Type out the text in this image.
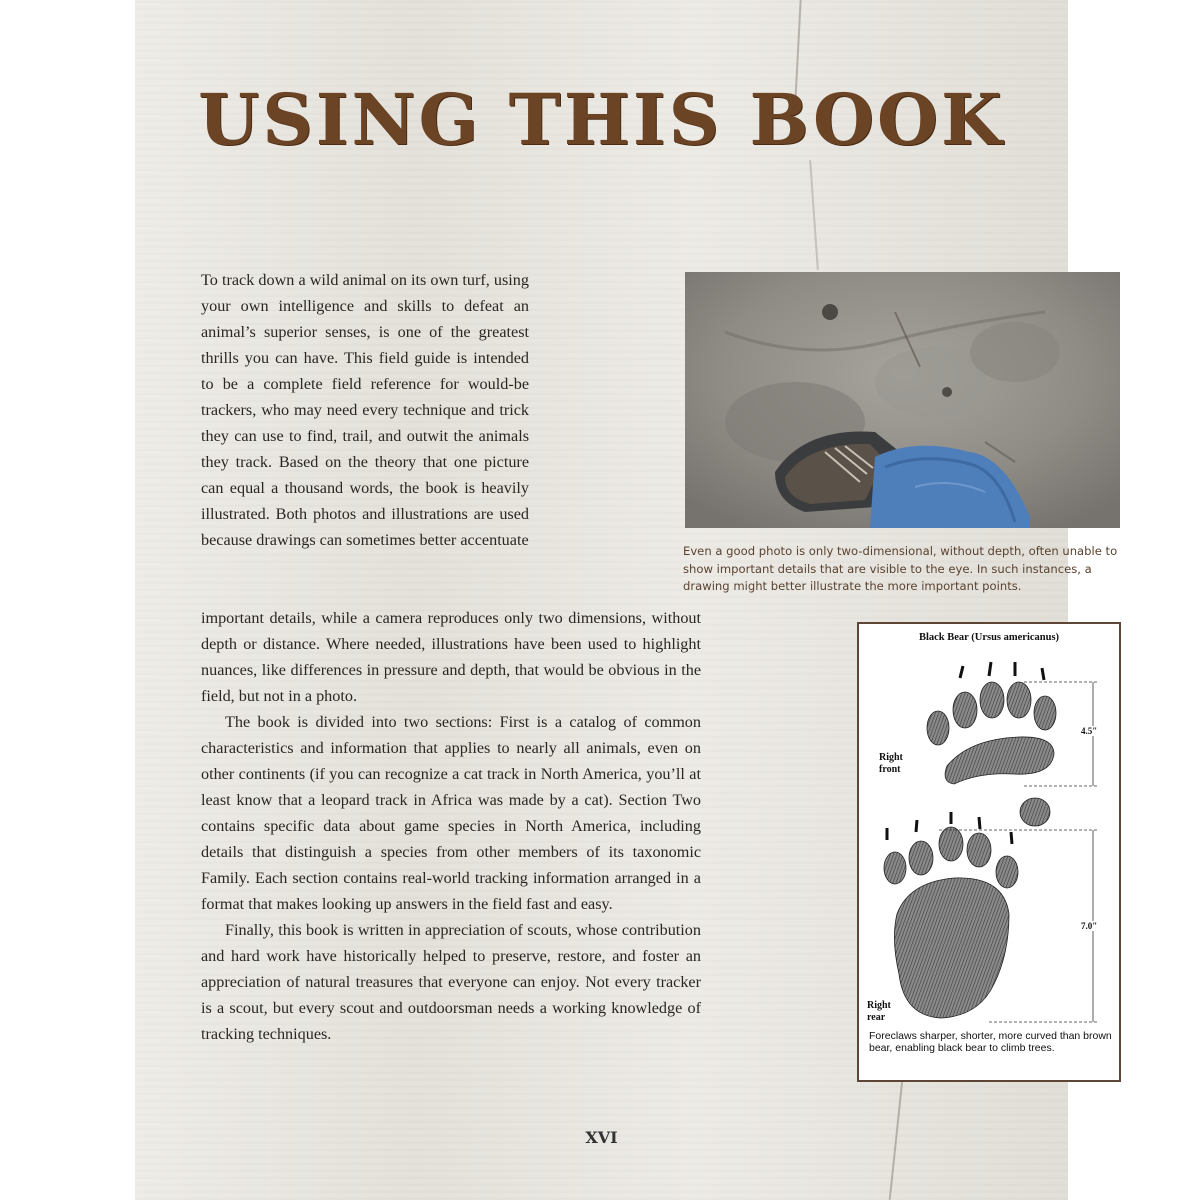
USING THIS BOOK

To track down a wild animal on its own turf, using your own intelligence and skills to defeat an animal’s superior senses, is one of the greatest thrills you can have. This field guide is intended to be a complete field reference for would-be trackers, who may need every technique and trick they can use to find, trail, and outwit the animals they track. Based on the theory that one picture can equal a thousand words, the book is heavily illustrated. Both photos and illustrations are used because drawings can sometimes better accentuate

important details, while a camera reproduces only two dimensions, without depth or distance. Where needed, illustrations have been used to highlight nuances, like differences in pressure and depth, that would be obvious in the field, but not in a photo.

The book is divided into two sections: First is a catalog of common characteristics and information that applies to nearly all animals, even on other continents (if you can recognize a cat track in North America, you’ll at least know that a leopard track in Africa was made by a cat). Section Two contains specific data about game species in North America, including details that distinguish a species from other members of its taxonomic Family. Each section contains real-world tracking information arranged in a format that makes looking up answers in the field fast and easy.

Finally, this book is written in appreciation of scouts, whose contribution and hard work have historically helped to preserve, restore, and foster an appreciation of natural treasures that everyone can enjoy. Not every tracker is a scout, but every scout and outdoorsman needs a working knowledge of tracking techniques.

Even a good photo is only two-dimensional, without depth, often unable to show important details that are visible to the eye. In such instances, a drawing might better illustrate the more important points.

Black Bear (Ursus americanus)

Right front

Right rear

4.5"

7.0"

Foreclaws sharper, shorter, more curved than brown bear, enabling black bear to climb trees.

XVI
